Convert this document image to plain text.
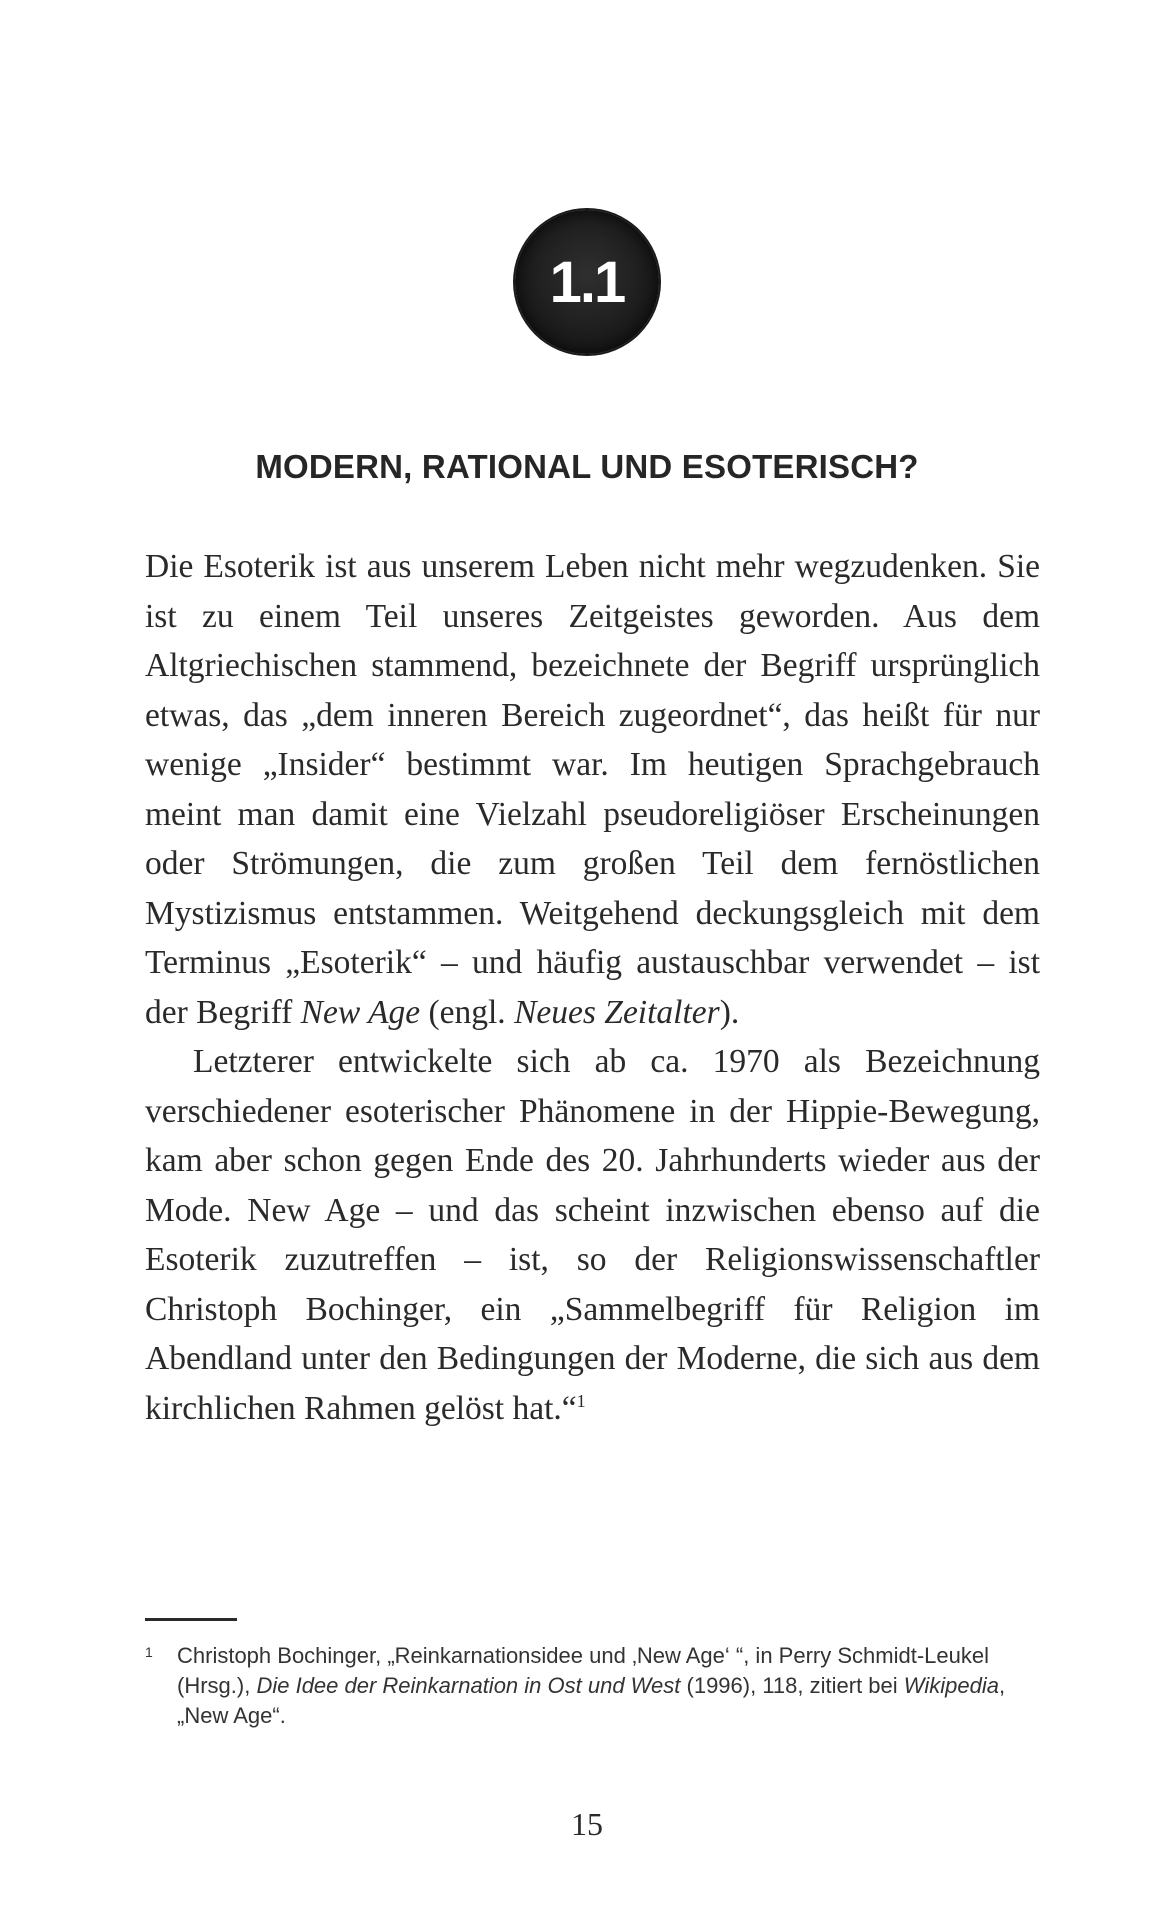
1.1
MODERN, RATIONAL UND ESOTERISCH?

Die Esoterik ist aus unserem Leben nicht mehr wegzudenken. Sie ist zu einem Teil unseres Zeitgeistes geworden. Aus dem Altgriechischen stammend, bezeichnete der Begriff ursprünglich etwas, das „dem inneren Bereich zugeordnet“, das heißt für nur wenige „Insider“ bestimmt war. Im heutigen Sprachgebrauch meint man damit eine Vielzahl pseudoreligiöser Erscheinungen oder Strömungen, die zum großen Teil dem fernöstlichen Mystizismus entstammen. Weitgehend deckungsgleich mit dem Terminus „Esoterik“ – und häufig austauschbar verwendet – ist der Begriff New Age (engl. Neues Zeitalter).

Letzterer entwickelte sich ab ca. 1970 als Bezeichnung verschiedener esoterischer Phänomene in der Hippie-Bewegung, kam aber schon gegen Ende des 20. Jahrhunderts wieder aus der Mode. New Age – und das scheint inzwischen ebenso auf die Esoterik zuzutreffen – ist, so der Religionswissenschaftler Christoph Bochinger, ein „Sammelbegriff für Religion im Abendland unter den Bedingungen der Moderne, die sich aus dem kirchlichen Rahmen gelöst hat.“$^1$

1 Christoph Bochinger, „Reinkarnationsidee und ‚New Age‘ “, in Perry Schmidt-Leukel (Hrsg.), Die Idee der Reinkarnation in Ost und West (1996), 118, zitiert bei Wikipedia, „New Age“.
15
